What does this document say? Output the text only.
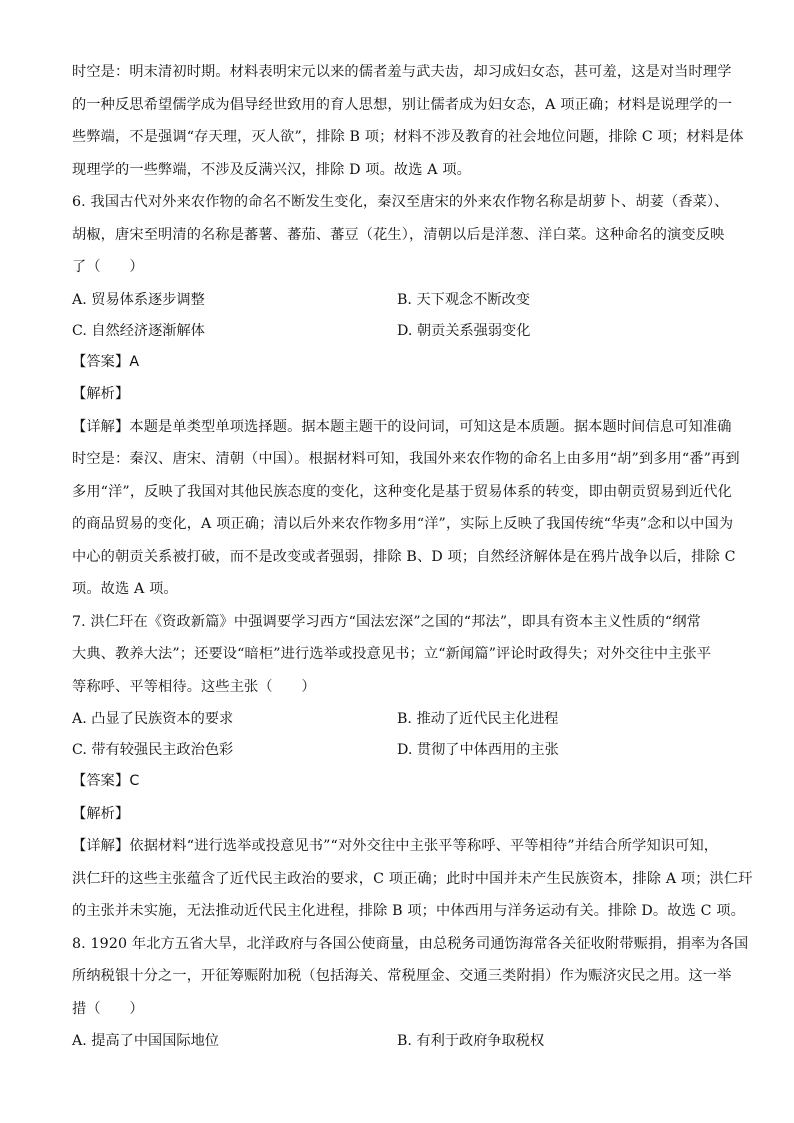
时空是：明末清初时期。材料表明宋元以来的儒者羞与武夫齿，却习成妇女态，甚可羞，这是对当时理学
的一种反思希望儒学成为倡导经世致用的育人思想，别让儒者成为妇女态，A 项正确；材料是说理学的一
些弊端，不是强调“存天理，灭人欲”，排除 B 项；材料不涉及教育的社会地位问题，排除 C 项；材料是体
现理学的一些弊端，不涉及反满兴汉，排除 D 项。故选 A 项。
6. 我国古代对外来农作物的命名不断发生变化，秦汉至唐宋的外来农作物名称是胡萝卜、胡荽（香菜）、
胡椒，唐宋至明清的名称是蕃薯、蕃茄、蕃豆（花生），清朝以后是洋葱、洋白菜。这种命名的演变反映
了（　　）
A. 贸易体系逐步调整	B. 天下观念不断改变
C. 自然经济逐渐解体	D. 朝贡关系强弱变化
【答案】A
【解析】
【详解】本题是单类型单项选择题。据本题主题干的设问词，可知这是本质题。据本题时间信息可知准确
时空是：秦汉、唐宋、清朝（中国）。根据材料可知，我国外来农作物的命名上由多用“胡”到多用“番”再到
多用“洋”，反映了我国对其他民族态度的变化，这种变化是基于贸易体系的转变，即由朝贡贸易到近代化
的商品贸易的变化，A 项正确；清以后外来农作物多用“洋”，实际上反映了我国传统“华夷”念和以中国为
中心的朝贡关系被打破，而不是改变或者强弱，排除 B、D 项；自然经济解体是在鸦片战争以后，排除 C
项。故选 A 项。
7. 洪仁玕在《资政新篇》中强调要学习西方“国法宏深”之国的“邦法”，即具有资本主义性质的“纲常
大典、教养大法”；还要设“暗柜”进行选举或投意见书；立“新闻篇”评论时政得失；对外交往中主张平
等称呼、平等相待。这些主张（　　）
A. 凸显了民族资本的要求	B. 推动了近代民主化进程
C. 带有较强民主政治色彩	D. 贯彻了中体西用的主张
【答案】C
【解析】
【详解】依据材料“进行选举或投意见书”“对外交往中主张平等称呼、平等相待”并结合所学知识可知，
洪仁玕的这些主张蕴含了近代民主政治的要求，C 项正确；此时中国并未产生民族资本，排除 A 项；洪仁玕
的主张并未实施，无法推动近代民主化进程，排除 B 项；中体西用与洋务运动有关。排除 D。故选 C 项。
8. 1920 年北方五省大旱，北洋政府与各国公使商量，由总税务司通饬海常各关征收附带赈捐，捐率为各国
所纳税银十分之一，开征筹赈附加税（包括海关、常税厘金、交通三类附捐）作为赈济灾民之用。这一举
措（　　）
A. 提高了中国国际地位	B. 有利于政府争取税权
